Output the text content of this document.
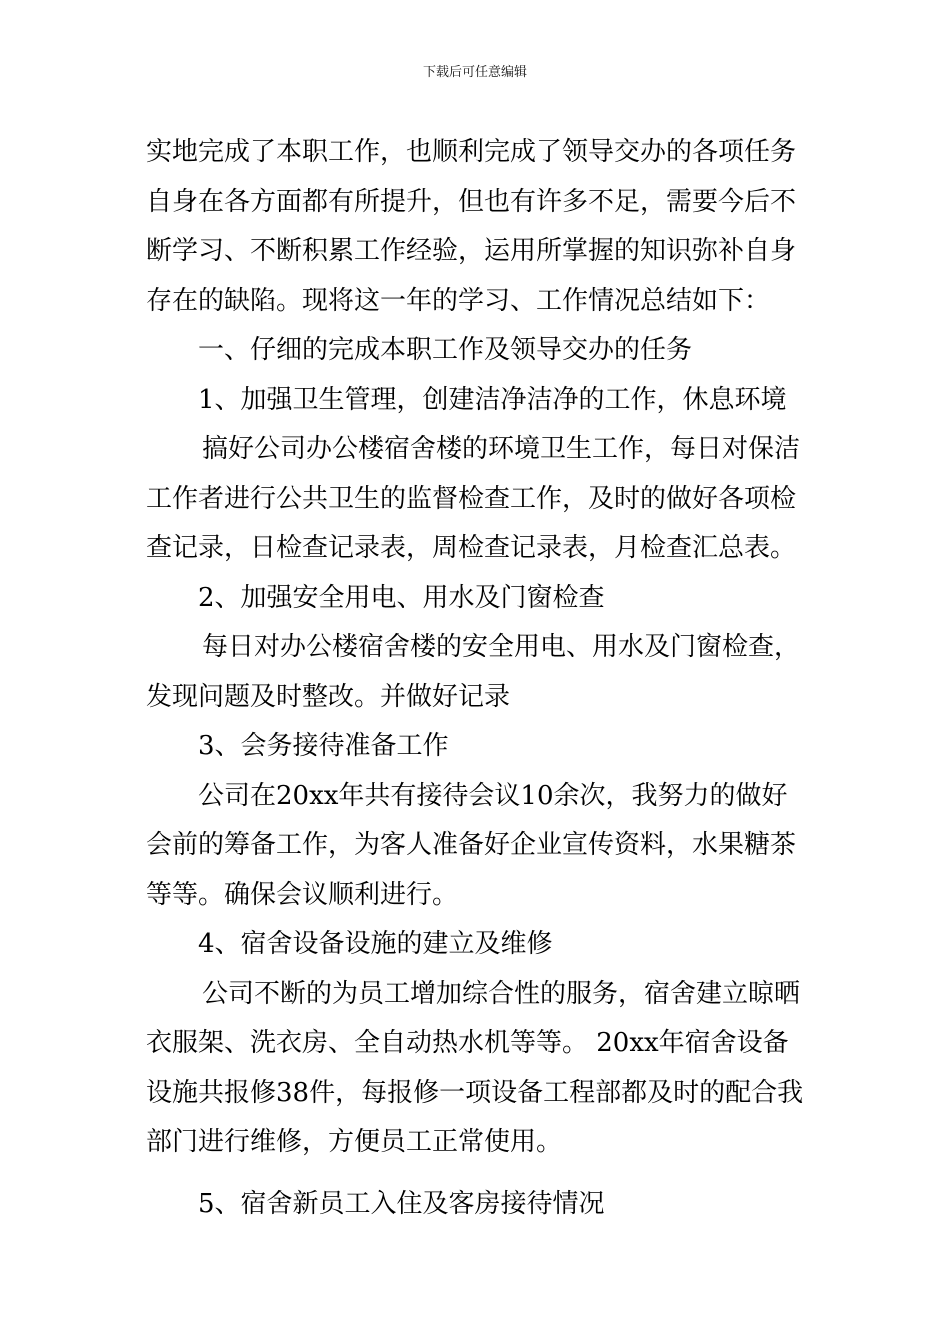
下载后可任意编辑

实地完成了本职工作，也顺利完成了领导交办的各项任务自身在各方面都有所提升，但也有许多不足，需要今后不断学习、不断积累工作经验，运用所掌握的知识弥补自身存在的缺陷。现将这一年的学习、工作情况总结如下：

一、仔细的完成本职工作及领导交办的任务

1、加强卫生管理，创建洁净洁净的工作，休息环境

搞好公司办公楼宿舍楼的环境卫生工作，每日对保洁工作者进行公共卫生的监督检查工作，及时的做好各项检查记录，日检查记录表，周检查记录表，月检查汇总表。

2、加强安全用电、用水及门窗检查

每日对办公楼宿舍楼的安全用电、用水及门窗检查，发现问题及时整改。并做好记录

3、会务接待准备工作

公司在20xx年共有接待会议10余次，我努力的做好会前的筹备工作，为客人准备好企业宣传资料，水果糖茶等等。确保会议顺利进行。

4、宿舍设备设施的建立及维修

公司不断的为员工增加综合性的服务，宿舍建立晾晒衣服架、洗衣房、全自动热水机等等。 20xx年宿舍设备设施共报修38件，每报修一项设备工程部都及时的配合我部门进行维修，方便员工正常使用。

5、宿舍新员工入住及客房接待情况
